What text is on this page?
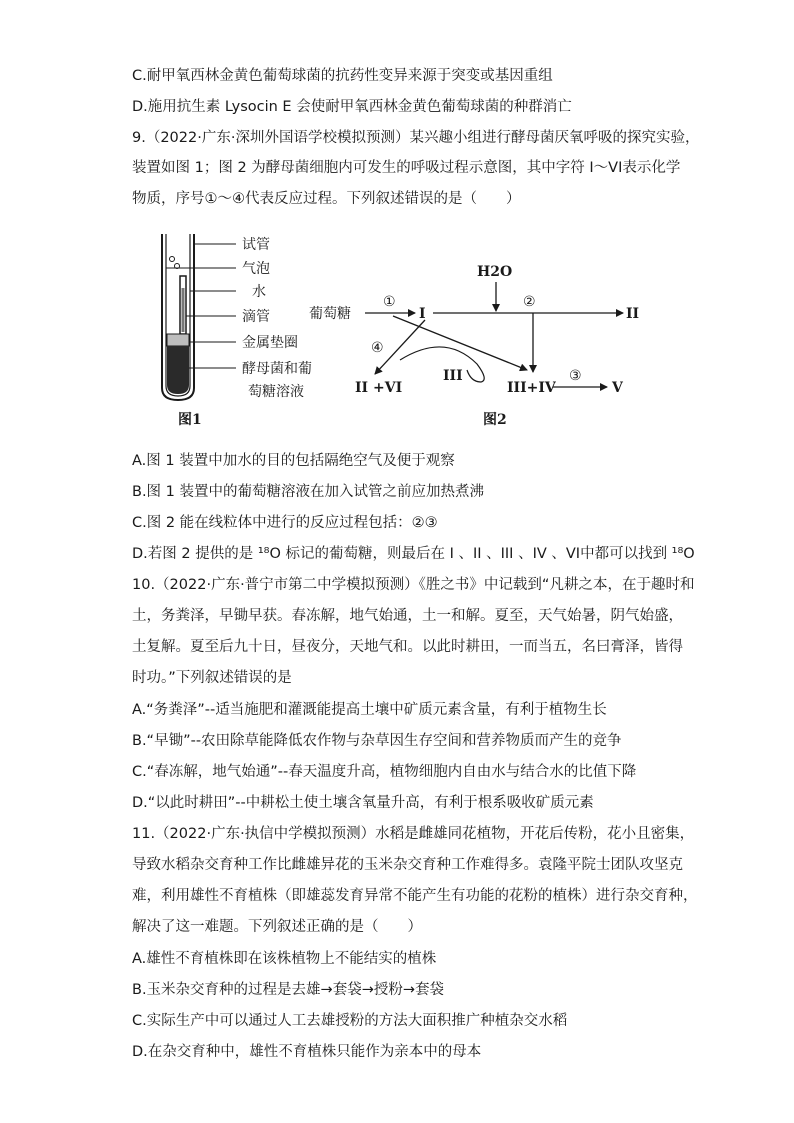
C.耐甲氧西林金黄色葡萄球菌的抗药性变异来源于突变或基因重组
D.施用抗生素 Lysocin E 会使耐甲氧西林金黄色葡萄球菌的种群消亡
9.（2022·广东·深圳外国语学校模拟预测）某兴趣小组进行酵母菌厌氧呼吸的探究实验，
装置如图 1；图 2 为酵母菌细胞内可发生的呼吸过程示意图，其中字符 I～VI表示化学
物质，序号①～④代表反应过程。下列叙述错误的是（　　）
试管
气泡
水
滴管
金属垫圈
酵母菌和葡
萄糖溶液
图1
葡萄糖
①
I	II
H2O
②
④
III
II +VI	III+IV
③
V
图2
A.图 1 装置中加水的目的包括隔绝空气及便于观察
B.图 1 装置中的葡萄糖溶液在加入试管之前应加热煮沸
C.图 2 能在线粒体中进行的反应过程包括：②③
D.若图 2 提供的是 ¹⁸O 标记的葡萄糖，则最后在 I 、II 、III 、IV 、VI中都可以找到 ¹⁸O
10.（2022·广东·普宁市第二中学模拟预测）《胜之书》中记载到“凡耕之本，在于趣时和
土，务粪泽，早锄早获。春冻解，地气始通，土一和解。夏至，天气始暑，阴气始盛，
土复解。夏至后九十日，昼夜分，天地气和。以此时耕田，一而当五，名曰膏泽，皆得
时功。”下列叙述错误的是
A.“务粪泽”--适当施肥和灌溉能提高土壤中矿质元素含量，有利于植物生长
B.“早锄”--农田除草能降低农作物与杂草因生存空间和营养物质而产生的竞争
C.“春冻解，地气始通”--春天温度升高，植物细胞内自由水与结合水的比值下降
D.“以此时耕田”--中耕松土使土壤含氧量升高，有利于根系吸收矿质元素
11.（2022·广东·执信中学模拟预测）水稻是雌雄同花植物，开花后传粉，花小且密集，
导致水稻杂交育种工作比雌雄异花的玉米杂交育种工作难得多。袁隆平院士团队攻坚克
难，利用雄性不育植株（即雄蕊发育异常不能产生有功能的花粉的植株）进行杂交育种，
解决了这一难题。下列叙述正确的是（　　）
A.雄性不育植株即在该株植物上不能结实的植株
B.玉米杂交育种的过程是去雄→套袋→授粉→套袋
C.实际生产中可以通过人工去雄授粉的方法大面积推广种植杂交水稻
D.在杂交育种中，雄性不育植株只能作为亲本中的母本
